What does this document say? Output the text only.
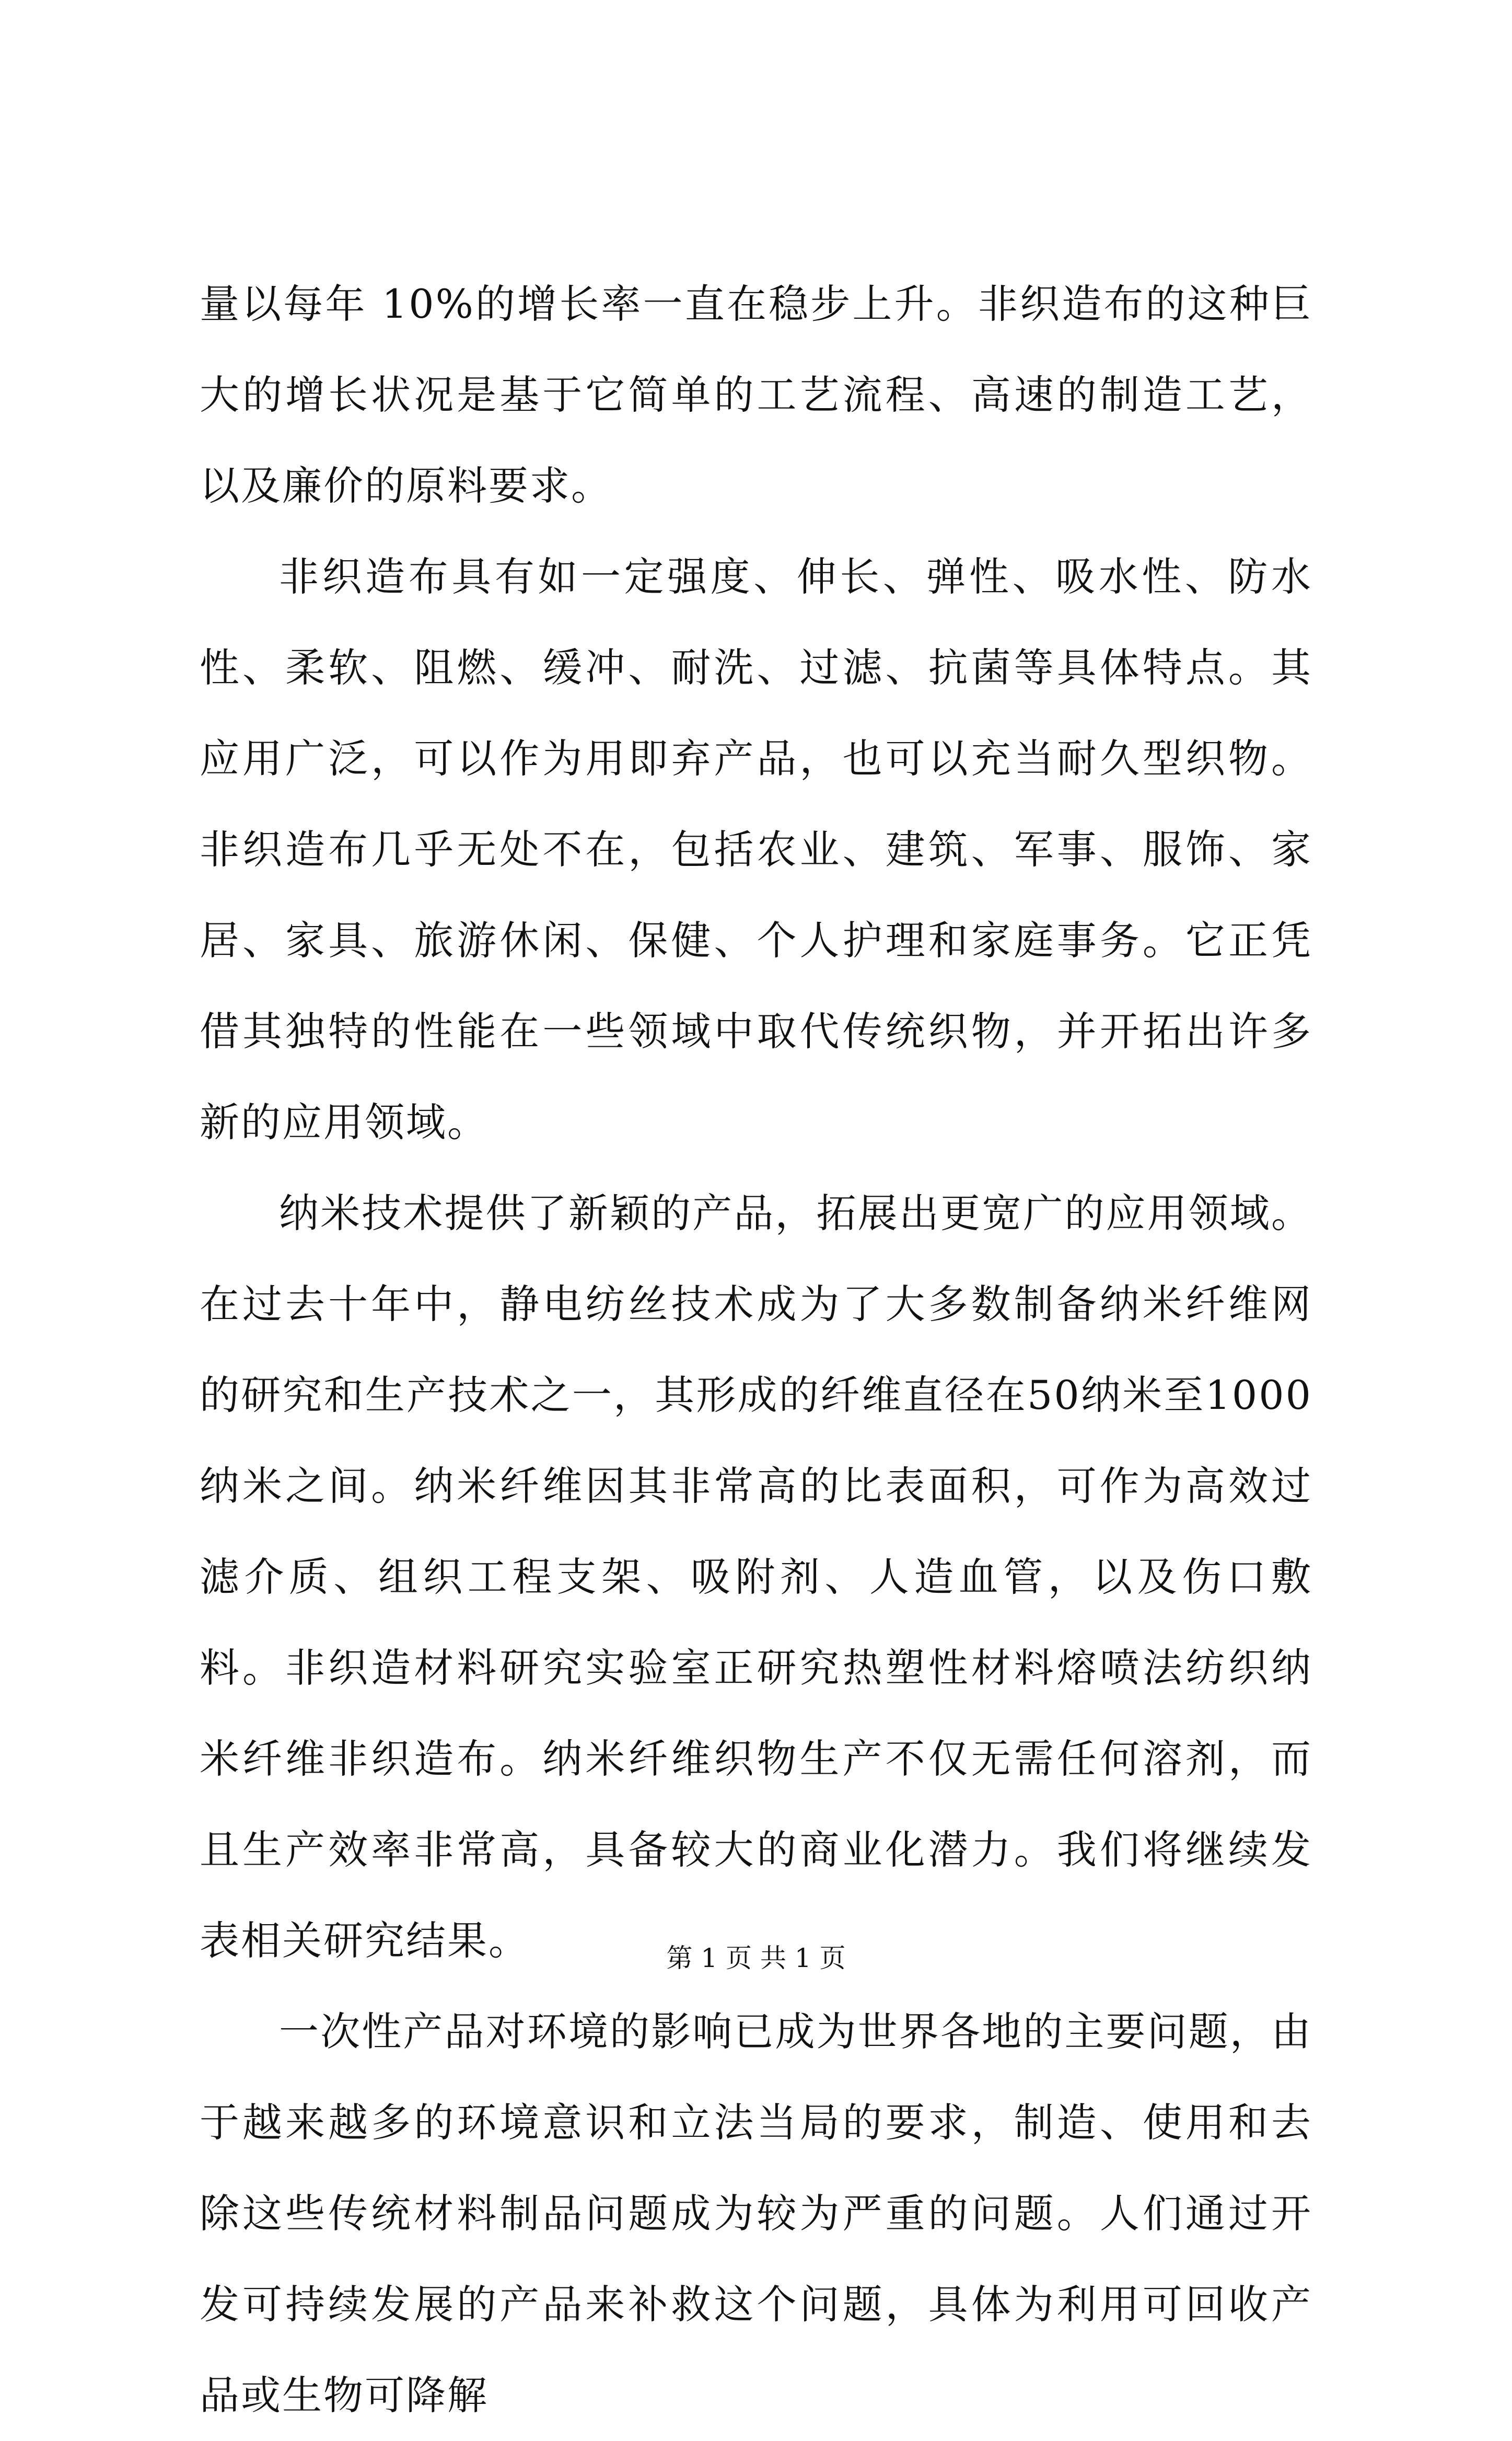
量以每年 10%的增长率一直在稳步上升。非织造布的这种巨大的增长状况是基于它简单的工艺流程、高速的制造工艺，以及廉价的原料要求。

非织造布具有如一定强度、伸长、弹性、吸水性、防水性、柔软、阻燃、缓冲、耐洗、过滤、抗菌等具体特点。其应用广泛，可以作为用即弃产品，也可以充当耐久型织物。非织造布几乎无处不在，包括农业、建筑、军事、服饰、家居、家具、旅游休闲、保健、个人护理和家庭事务。它正凭借其独特的性能在一些领域中取代传统织物，并开拓出许多新的应用领域。

纳米技术提供了新颖的产品，拓展出更宽广的应用领域。在过去十年中，静电纺丝技术成为了大多数制备纳米纤维网的研究和生产技术之一，其形成的纤维直径在50纳米至1000纳米之间。纳米纤维因其非常高的比表面积，可作为高效过滤介质、组织工程支架、吸附剂、人造血管，以及伤口敷料。非织造材料研究实验室正研究热塑性材料熔喷法纺织纳米纤维非织造布。纳米纤维织物生产不仅无需任何溶剂，而且生产效率非常高，具备较大的商业化潜力。我们将继续发表相关研究结果。

一次性产品对环境的影响已成为世界各地的主要问题，由于越来越多的环境意识和立法当局的要求，制造、使用和去除这些传统材料制品问题成为较为严重的问题。人们通过开发可持续发展的产品来补救这个问题，具体为利用可回收产品或生物可降解

第 1 页 共 1 页
